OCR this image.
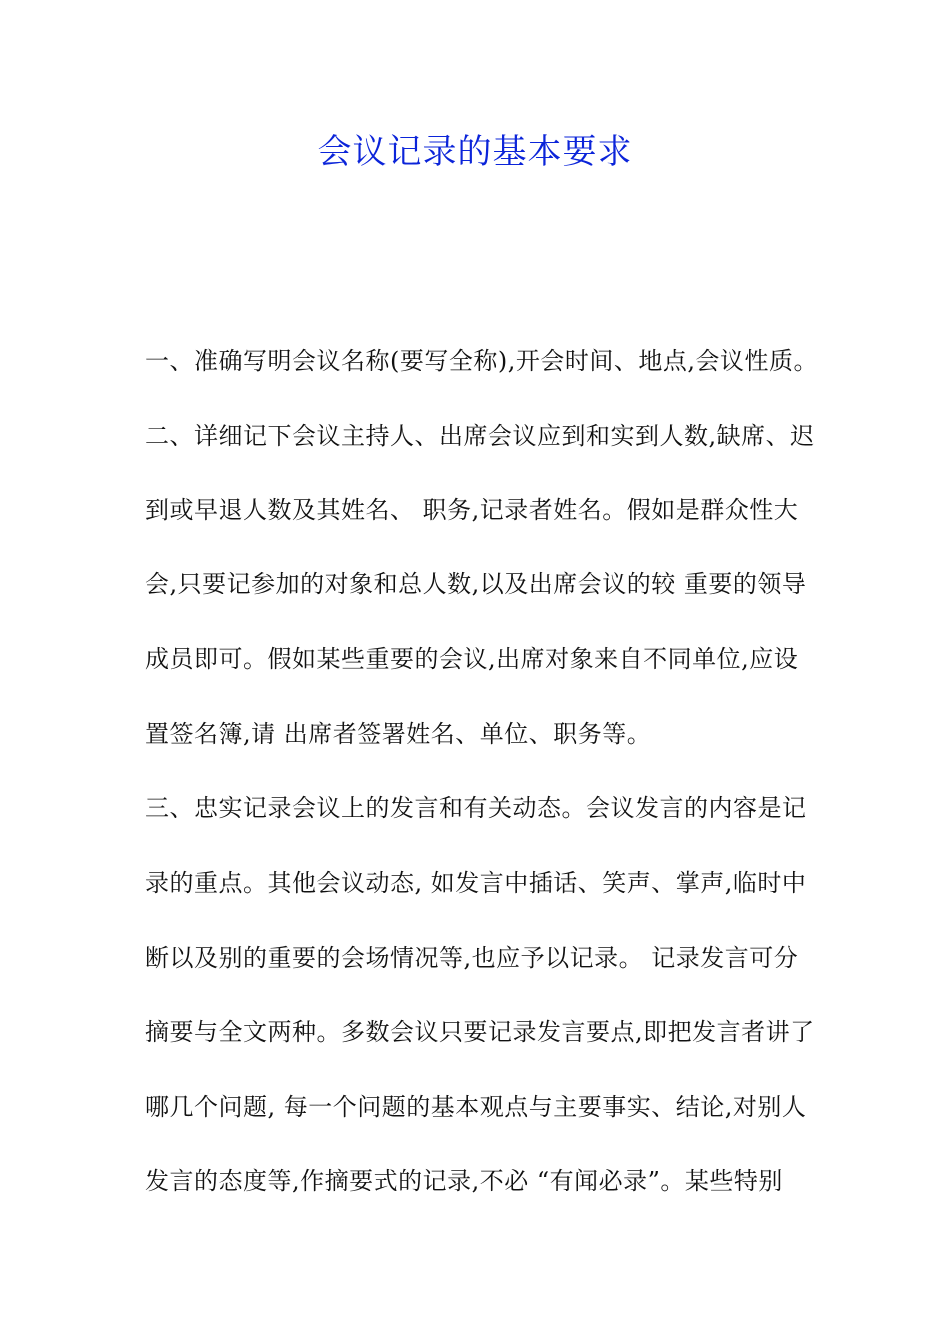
会议记录的基本要求
一、准确写明会议名称(要写全称),开会时间、地点,会议性质。
二、详细记下会议主持人、出席会议应到和实到人数,缺席、迟
到或早退人数及其姓名、 职务,记录者姓名。假如是群众性大
会,只要记参加的对象和总人数,以及出席会议的较 重要的领导
成员即可。假如某些重要的会议,出席对象来自不同单位,应设
置签名簿,请 出席者签署姓名、单位、职务等。
三、忠实记录会议上的发言和有关动态。会议发言的内容是记
录的重点。其他会议动态, 如发言中插话、笑声、掌声,临时中
断以及别的重要的会场情况等,也应予以记录。 记录发言可分
摘要与全文两种。多数会议只要记录发言要点,即把发言者讲了
哪几个问题, 每一个问题的基本观点与主要事实、结论,对别人
发言的态度等,作摘要式的记录,不必 “有闻必录”。某些特别
